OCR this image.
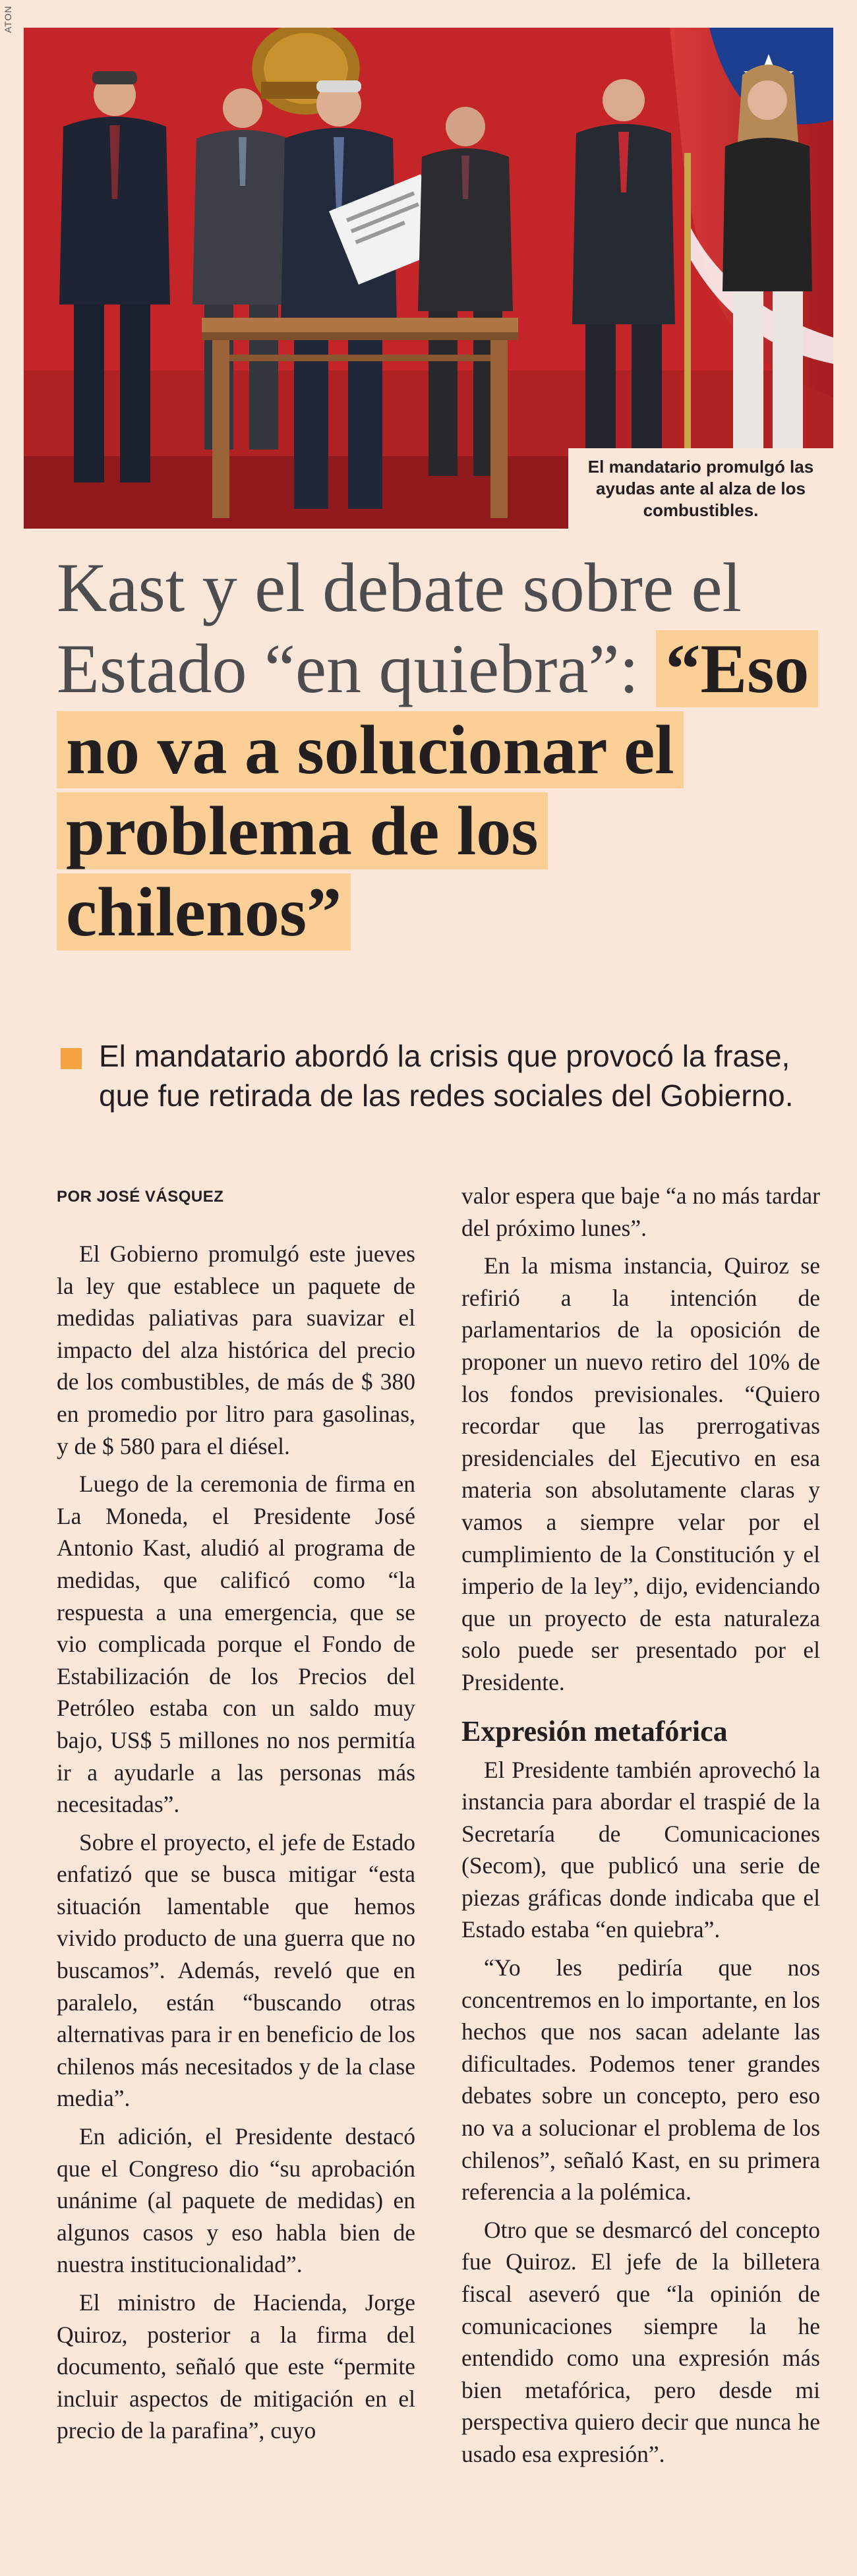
ATON
El mandatario promulgó las ayudas ante al alza de los combustibles.
Kast y el debate sobre el Estado “en quiebra”: “Eso no va a solucionar el problema de los chilenos”

El mandatario abordó la crisis que provocó la frase, que fue retirada de las redes sociales del Gobierno.

POR JOSÉ VÁSQUEZ

El Gobierno promulgó este jueves la ley que establece un paquete de medidas paliativas para suavizar el impacto del alza histórica del precio de los combustibles, de más de $ 380 en promedio por litro para gasolinas, y de $ 580 para el diésel.

Luego de la ceremonia de firma en La Moneda, el Presidente José Antonio Kast, aludió al programa de medidas, que calificó como “la respuesta a una emergencia, que se vio complicada porque el Fondo de Estabilización de los Precios del Petróleo estaba con un saldo muy bajo, US$ 5 millones no nos permitía ir a ayudarle a las personas más necesitadas”.

Sobre el proyecto, el jefe de Estado enfatizó que se busca mitigar “esta situación lamentable que hemos vivido producto de una guerra que no buscamos”. Además, reveló que en paralelo, están “buscando otras alternativas para ir en beneficio de los chilenos más necesitados y de la clase media”.

En adición, el Presidente destacó que el Congreso dio “su aprobación unánime (al paquete de medidas) en algunos casos y eso habla bien de nuestra institucionalidad”.

El ministro de Hacienda, Jorge Quiroz, posterior a la firma del documento, señaló que este “permite incluir aspectos de mitigación en el precio de la parafina”, cuyo

valor espera que baje “a no más tardar del próximo lunes”.

En la misma instancia, Quiroz se refirió a la intención de parlamentarios de la oposición de proponer un nuevo retiro del 10% de los fondos previsionales. “Quiero recordar que las prerrogativas presidenciales del Ejecutivo en esa materia son absolutamente claras y vamos a siempre velar por el cumplimiento de la Constitución y el imperio de la ley”, dijo, evidenciando que un proyecto de esta naturaleza solo puede ser presentado por el Presidente.

Expresión metafórica

El Presidente también aprovechó la instancia para abordar el traspié de la Secretaría de Comunicaciones (Secom), que publicó una serie de piezas gráficas donde indicaba que el Estado estaba “en quiebra”.

“Yo les pediría que nos concentremos en lo importante, en los hechos que nos sacan adelante las dificultades. Podemos tener grandes debates sobre un concepto, pero eso no va a solucionar el problema de los chilenos”, señaló Kast, en su primera referencia a la polémica.

Otro que se desmarcó del concepto fue Quiroz. El jefe de la billetera fiscal aseveró que “la opinión de comunicaciones siempre la he entendido como una expresión más bien metafórica, pero desde mi perspectiva quiero decir que nunca he usado esa expresión”.
